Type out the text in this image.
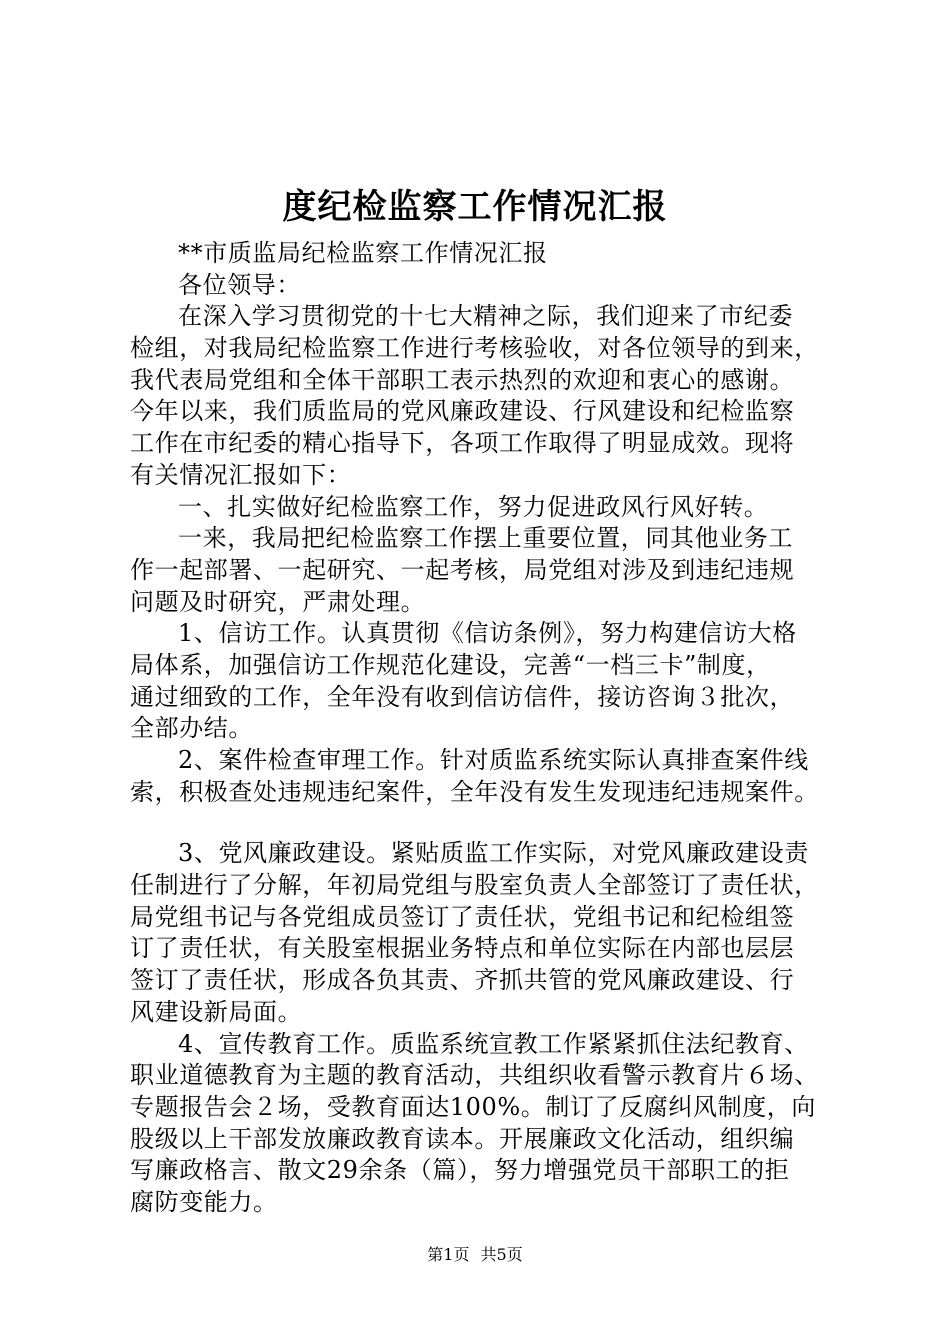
度纪检监察工作情况汇报
**市质监局纪检监察工作情况汇报
各位领导：
在深入学习贯彻党的十七大精神之际，我们迎来了市纪委
检组，对我局纪检监察工作进行考核验收，对各位领导的到来，
我代表局党组和全体干部职工表示热烈的欢迎和衷心的感谢。
今年以来，我们质监局的党风廉政建设、行风建设和纪检监察
工作在市纪委的精心指导下，各项工作取得了明显成效。现将
有关情况汇报如下：
一、扎实做好纪检监察工作，努力促进政风行风好转。
一来，我局把纪检监察工作摆上重要位置，同其他业务工
作一起部署、一起研究、一起考核，局党组对涉及到违纪违规
问题及时研究，严肃处理。
1、信访工作。认真贯彻《信访条例》，努力构建信访大格
局体系，加强信访工作规范化建设，完善“一档三卡”制度，
通过细致的工作，全年没有收到信访信件，接访咨询３批次，
全部办结。
2、案件检查审理工作。针对质监系统实际认真排查案件线
索，积极查处违规违纪案件，全年没有发生发现违纪违规案件。
3、党风廉政建设。紧贴质监工作实际，对党风廉政建设责
任制进行了分解，年初局党组与股室负责人全部签订了责任状，
局党组书记与各党组成员签订了责任状，党组书记和纪检组签
订了责任状，有关股室根据业务特点和单位实际在内部也层层
签订了责任状，形成各负其责、齐抓共管的党风廉政建设、行
风建设新局面。
4、宣传教育工作。质监系统宣教工作紧紧抓住法纪教育、
职业道德教育为主题的教育活动，共组织收看警示教育片６场、
专题报告会２场，受教育面达100%。制订了反腐纠风制度，向
股级以上干部发放廉政教育读本。开展廉政文化活动，组织编
写廉政格言、散文29余条（篇），努力增强党员干部职工的拒
腐防变能力。
第1页 共5页
